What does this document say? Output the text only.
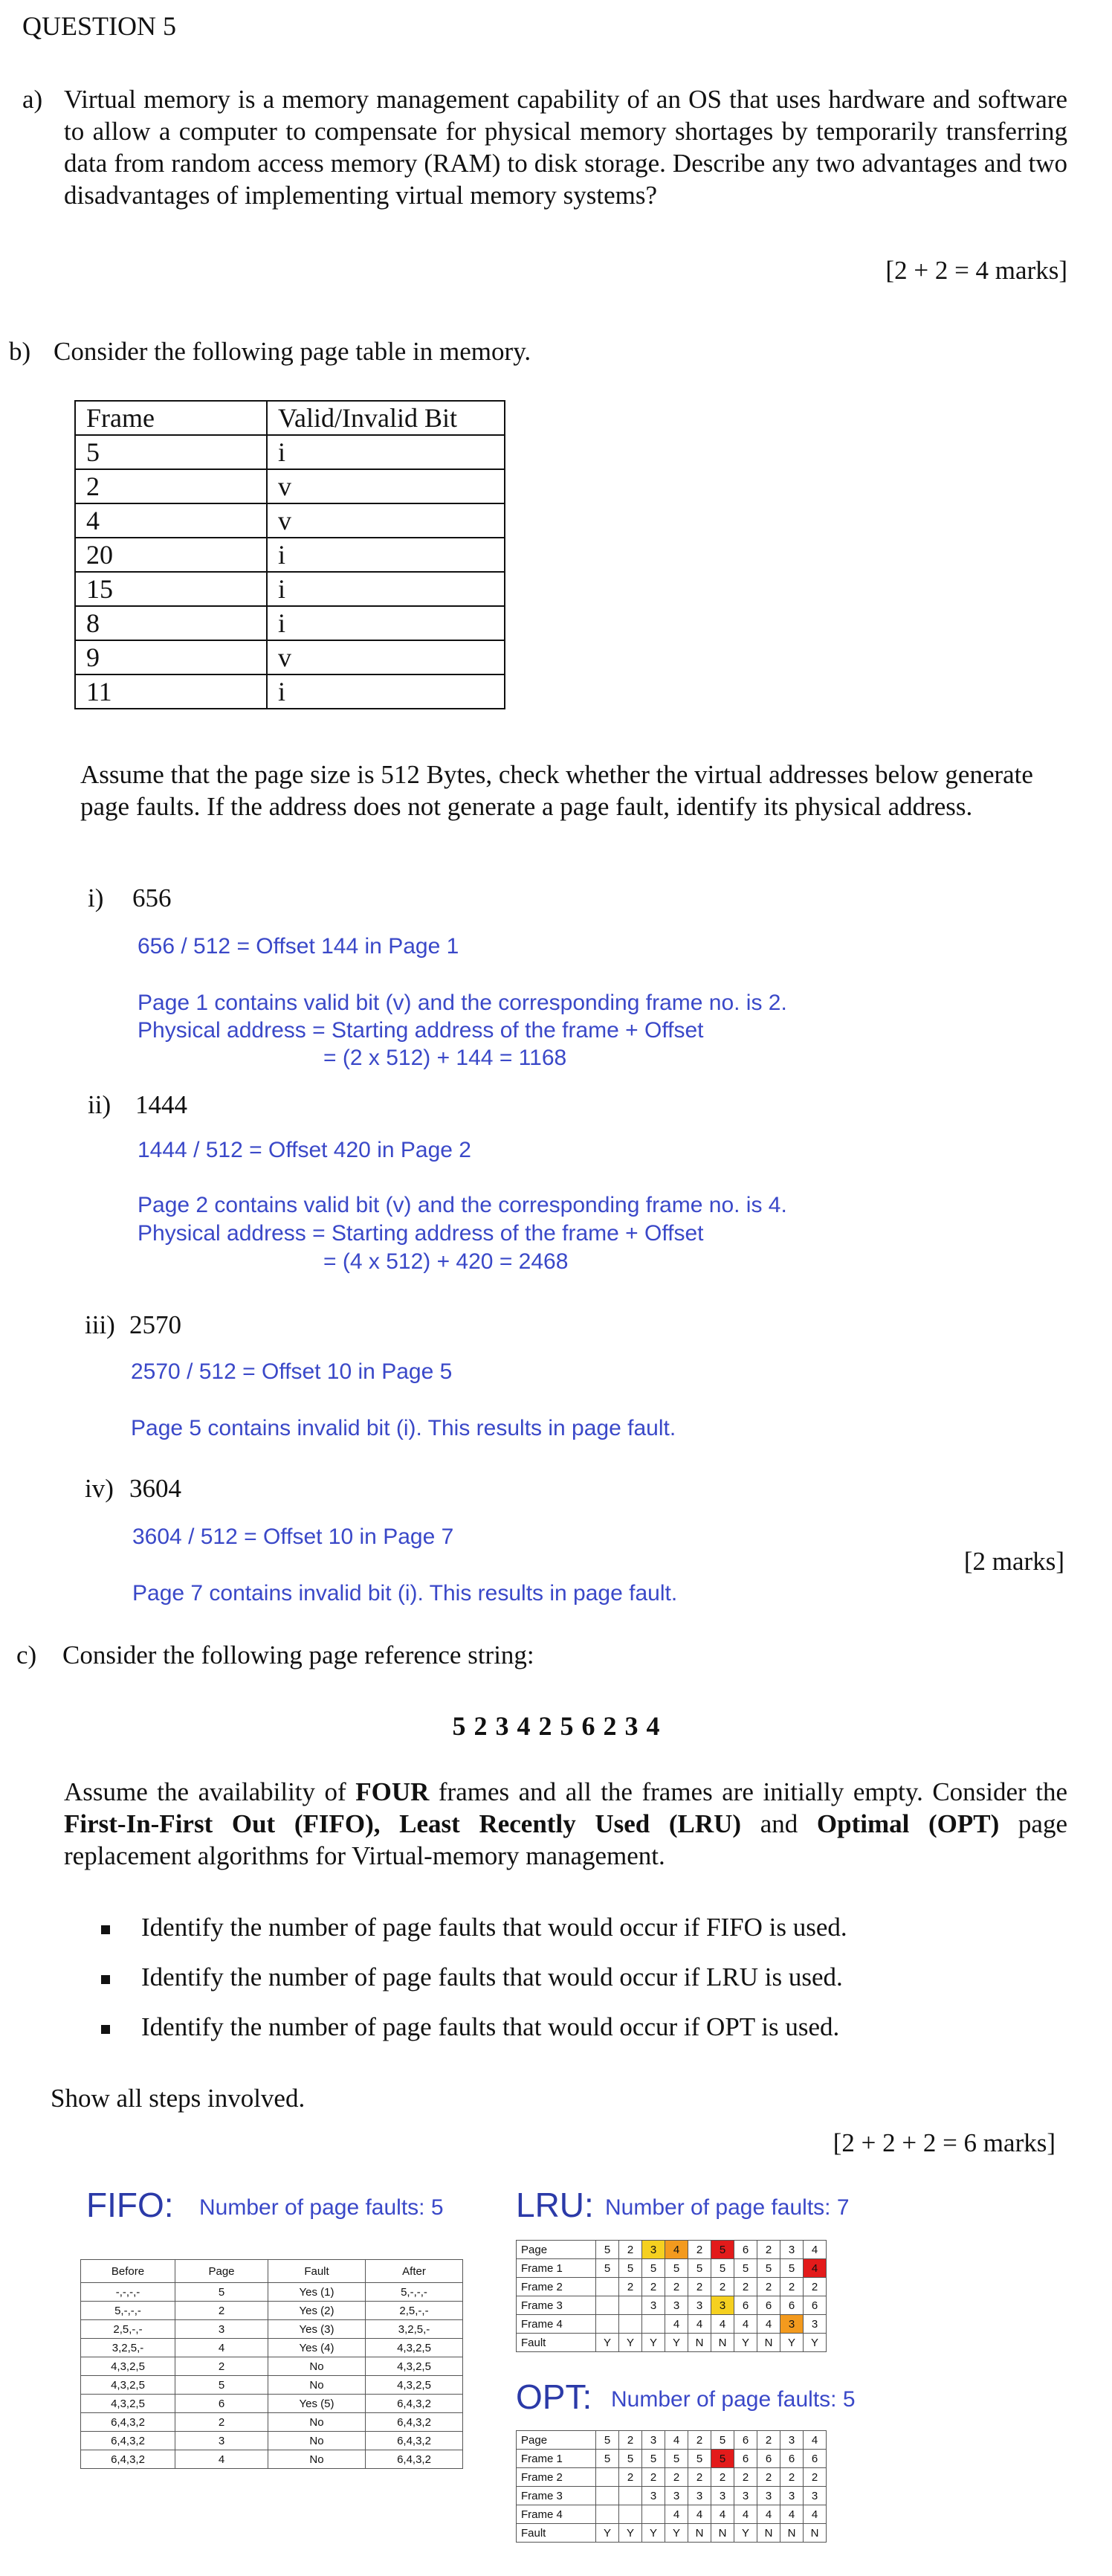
QUESTION 5
a) Virtual memory is a memory management capability of an OS that uses hardware and software to allow a computer to compensate for physical memory shortages by temporarily transferring data from random access memory (RAM) to disk storage. Describe any two advantages and two disadvantages of implementing virtual memory systems?
[2 + 2 = 4 marks]
b) Consider the following page table in memory.
Frame	Valid/Invalid Bit
5	i
2	v
4	v
20	i
15	i
8	i
9	v
11	i
Assume that the page size is 512 Bytes, check whether the virtual addresses below generate page faults. If the address does not generate a page fault, identify its physical address.
i) 656
656 / 512 = Offset 144 in Page 1
Page 1 contains valid bit (v) and the corresponding frame no. is 2.
Physical address = Starting address of the frame + Offset
= (2 x 512) + 144 = 1168
ii) 1444
1444 / 512 = Offset 420 in Page 2
Page 2 contains valid bit (v) and the corresponding frame no. is 4.
Physical address = Starting address of the frame + Offset
= (4 x 512) + 420 = 2468
iii) 2570
2570 / 512 = Offset 10 in Page 5
Page 5 contains invalid bit (i). This results in page fault.
iv) 3604
3604 / 512 = Offset 10 in Page 7
Page 7 contains invalid bit (i). This results in page fault.
[2 marks]
c) Consider the following page reference string:
5 2 3 4 2 5 6 2 3 4
Assume the availability of FOUR frames and all the frames are initially empty. Consider the First-In-First Out (FIFO), Least Recently Used (LRU) and Optimal (OPT) page replacement algorithms for Virtual-memory management.
Identify the number of page faults that would occur if FIFO is used.
Identify the number of page faults that would occur if LRU is used.
Identify the number of page faults that would occur if OPT is used.
Show all steps involved.
[2 + 2 + 2 = 6 marks]
FIFO: Number of page faults: 5
Before	Page	Fault	After
-,-,-,-	5	Yes (1)	5,-,-,-
5,-,-,-	2	Yes (2)	2,5,-,-
2,5,-,-	3	Yes (3)	3,2,5,-
3,2,5,-	4	Yes (4)	4,3,2,5
4,3,2,5	2	No	4,3,2,5
4,3,2,5	5	No	4,3,2,5
4,3,2,5	6	Yes (5)	6,4,3,2
6,4,3,2	2	No	6,4,3,2
6,4,3,2	3	No	6,4,3,2
6,4,3,2	4	No	6,4,3,2
LRU: Number of page faults: 7
Page	5	2	3	4	2	5	6	2	3	4
Frame 1	5	5	5	5	5	5	5	5	5	4
Frame 2		2	2	2	2	2	2	2	2	2
Frame 3			3	3	3	3	6	6	6	6
Frame 4				4	4	4	4	4	3	3
Fault	Y	Y	Y	Y	N	N	Y	N	Y	Y
OPT: Number of page faults: 5
Page	5	2	3	4	2	5	6	2	3	4
Frame 1	5	5	5	5	5	5	6	6	6	6
Frame 2		2	2	2	2	2	2	2	2	2
Frame 3			3	3	3	3	3	3	3	3
Frame 4				4	4	4	4	4	4	4
Fault	Y	Y	Y	Y	N	N	Y	N	N	N
